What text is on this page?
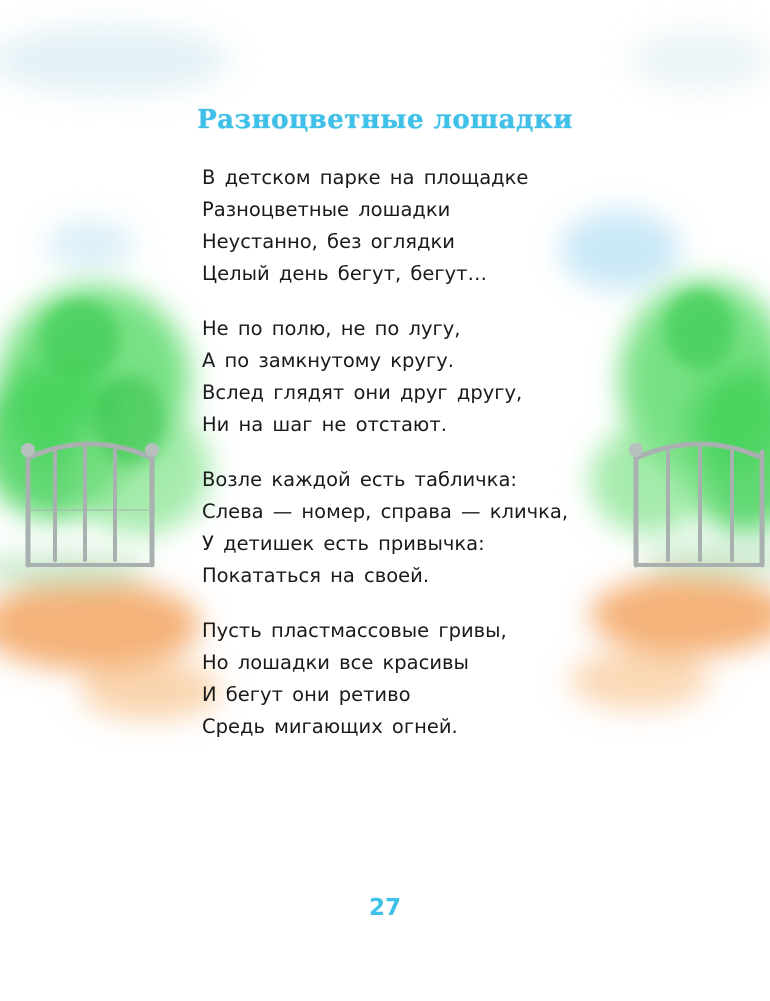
Разноцветные лошадки
В детском парке на площадке
Разноцветные лошадки
Неустанно, без оглядки
Целый день бегут, бегут…
Не по полю, не по лугу,
А по замкнутому кругу.
Вслед глядят они друг другу,
Ни на шаг не отстают.
Возле каждой есть табличка:
Слева — номер, справа — кличка,
У детишек есть привычка:
Покататься на своей.
Пусть пластмассовые гривы,
Но лошадки все красивы
И бегут они ретиво
Средь мигающих огней.

27
